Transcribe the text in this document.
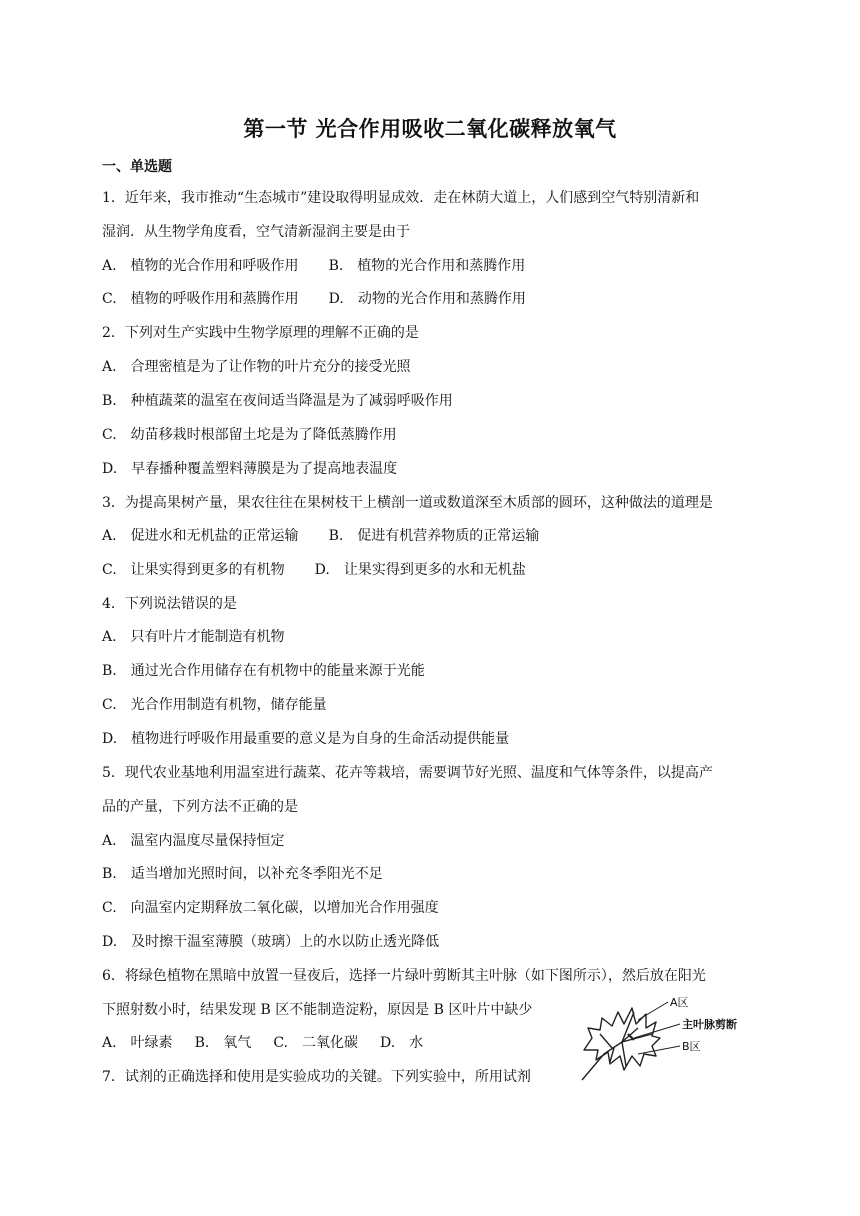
第一节 光合作用吸收二氧化碳释放氧气
一、单选题
1．近年来，我市推动“生态城市”建设取得明显成效．走在林荫大道上，人们感到空气特别清新和
湿润．从生物学角度看，空气清新湿润主要是由于
A.　植物的光合作用和呼吸作用 B.　植物的光合作用和蒸腾作用
C.　植物的呼吸作用和蒸腾作用 D.　动物的光合作用和蒸腾作用
2．下列对生产实践中生物学原理的理解不正确的是
A.　合理密植是为了让作物的叶片充分的接受光照
B.　种植蔬菜的温室在夜间适当降温是为了减弱呼吸作用
C.　幼苗移栽时根部留土坨是为了降低蒸腾作用
D.　早春播种覆盖塑料薄膜是为了提高地表温度
3．为提高果树产量，果农往往在果树枝干上横剖一道或数道深至木质部的圆环，这种做法的道理是
A.　促进水和无机盐的正常运输 B.　促进有机营养物质的正常运输
C.　让果实得到更多的有机物 D.　让果实得到更多的水和无机盐
4．下列说法错误的是
A.　只有叶片才能制造有机物
B.　通过光合作用储存在有机物中的能量来源于光能
C.　光合作用制造有机物，储存能量
D.　植物进行呼吸作用最重要的意义是为自身的生命活动提供能量
5．现代农业基地利用温室进行蔬菜、花卉等栽培，需要调节好光照、温度和气体等条件，以提高产
品的产量，下列方法不正确的是
A.　温室内温度尽量保持恒定
B.　适当增加光照时间，以补充冬季阳光不足
C.　向温室内定期释放二氧化碳，以增加光合作用强度
D.　及时擦干温室薄膜（玻璃）上的水以防止透光降低
6．将绿色植物在黑暗中放置一昼夜后，选择一片绿叶剪断其主叶脉（如下图所示），然后放在阳光
下照射数小时，结果发现 B 区不能制造淀粉，原因是 B 区叶片中缺少
A.　叶绿素 B.　氧气 C.　二氧化碳 D.　水
A区
主叶脉剪断
B区
7．试剂的正确选择和使用是实验成功的关键。下列实验中，所用试剂
